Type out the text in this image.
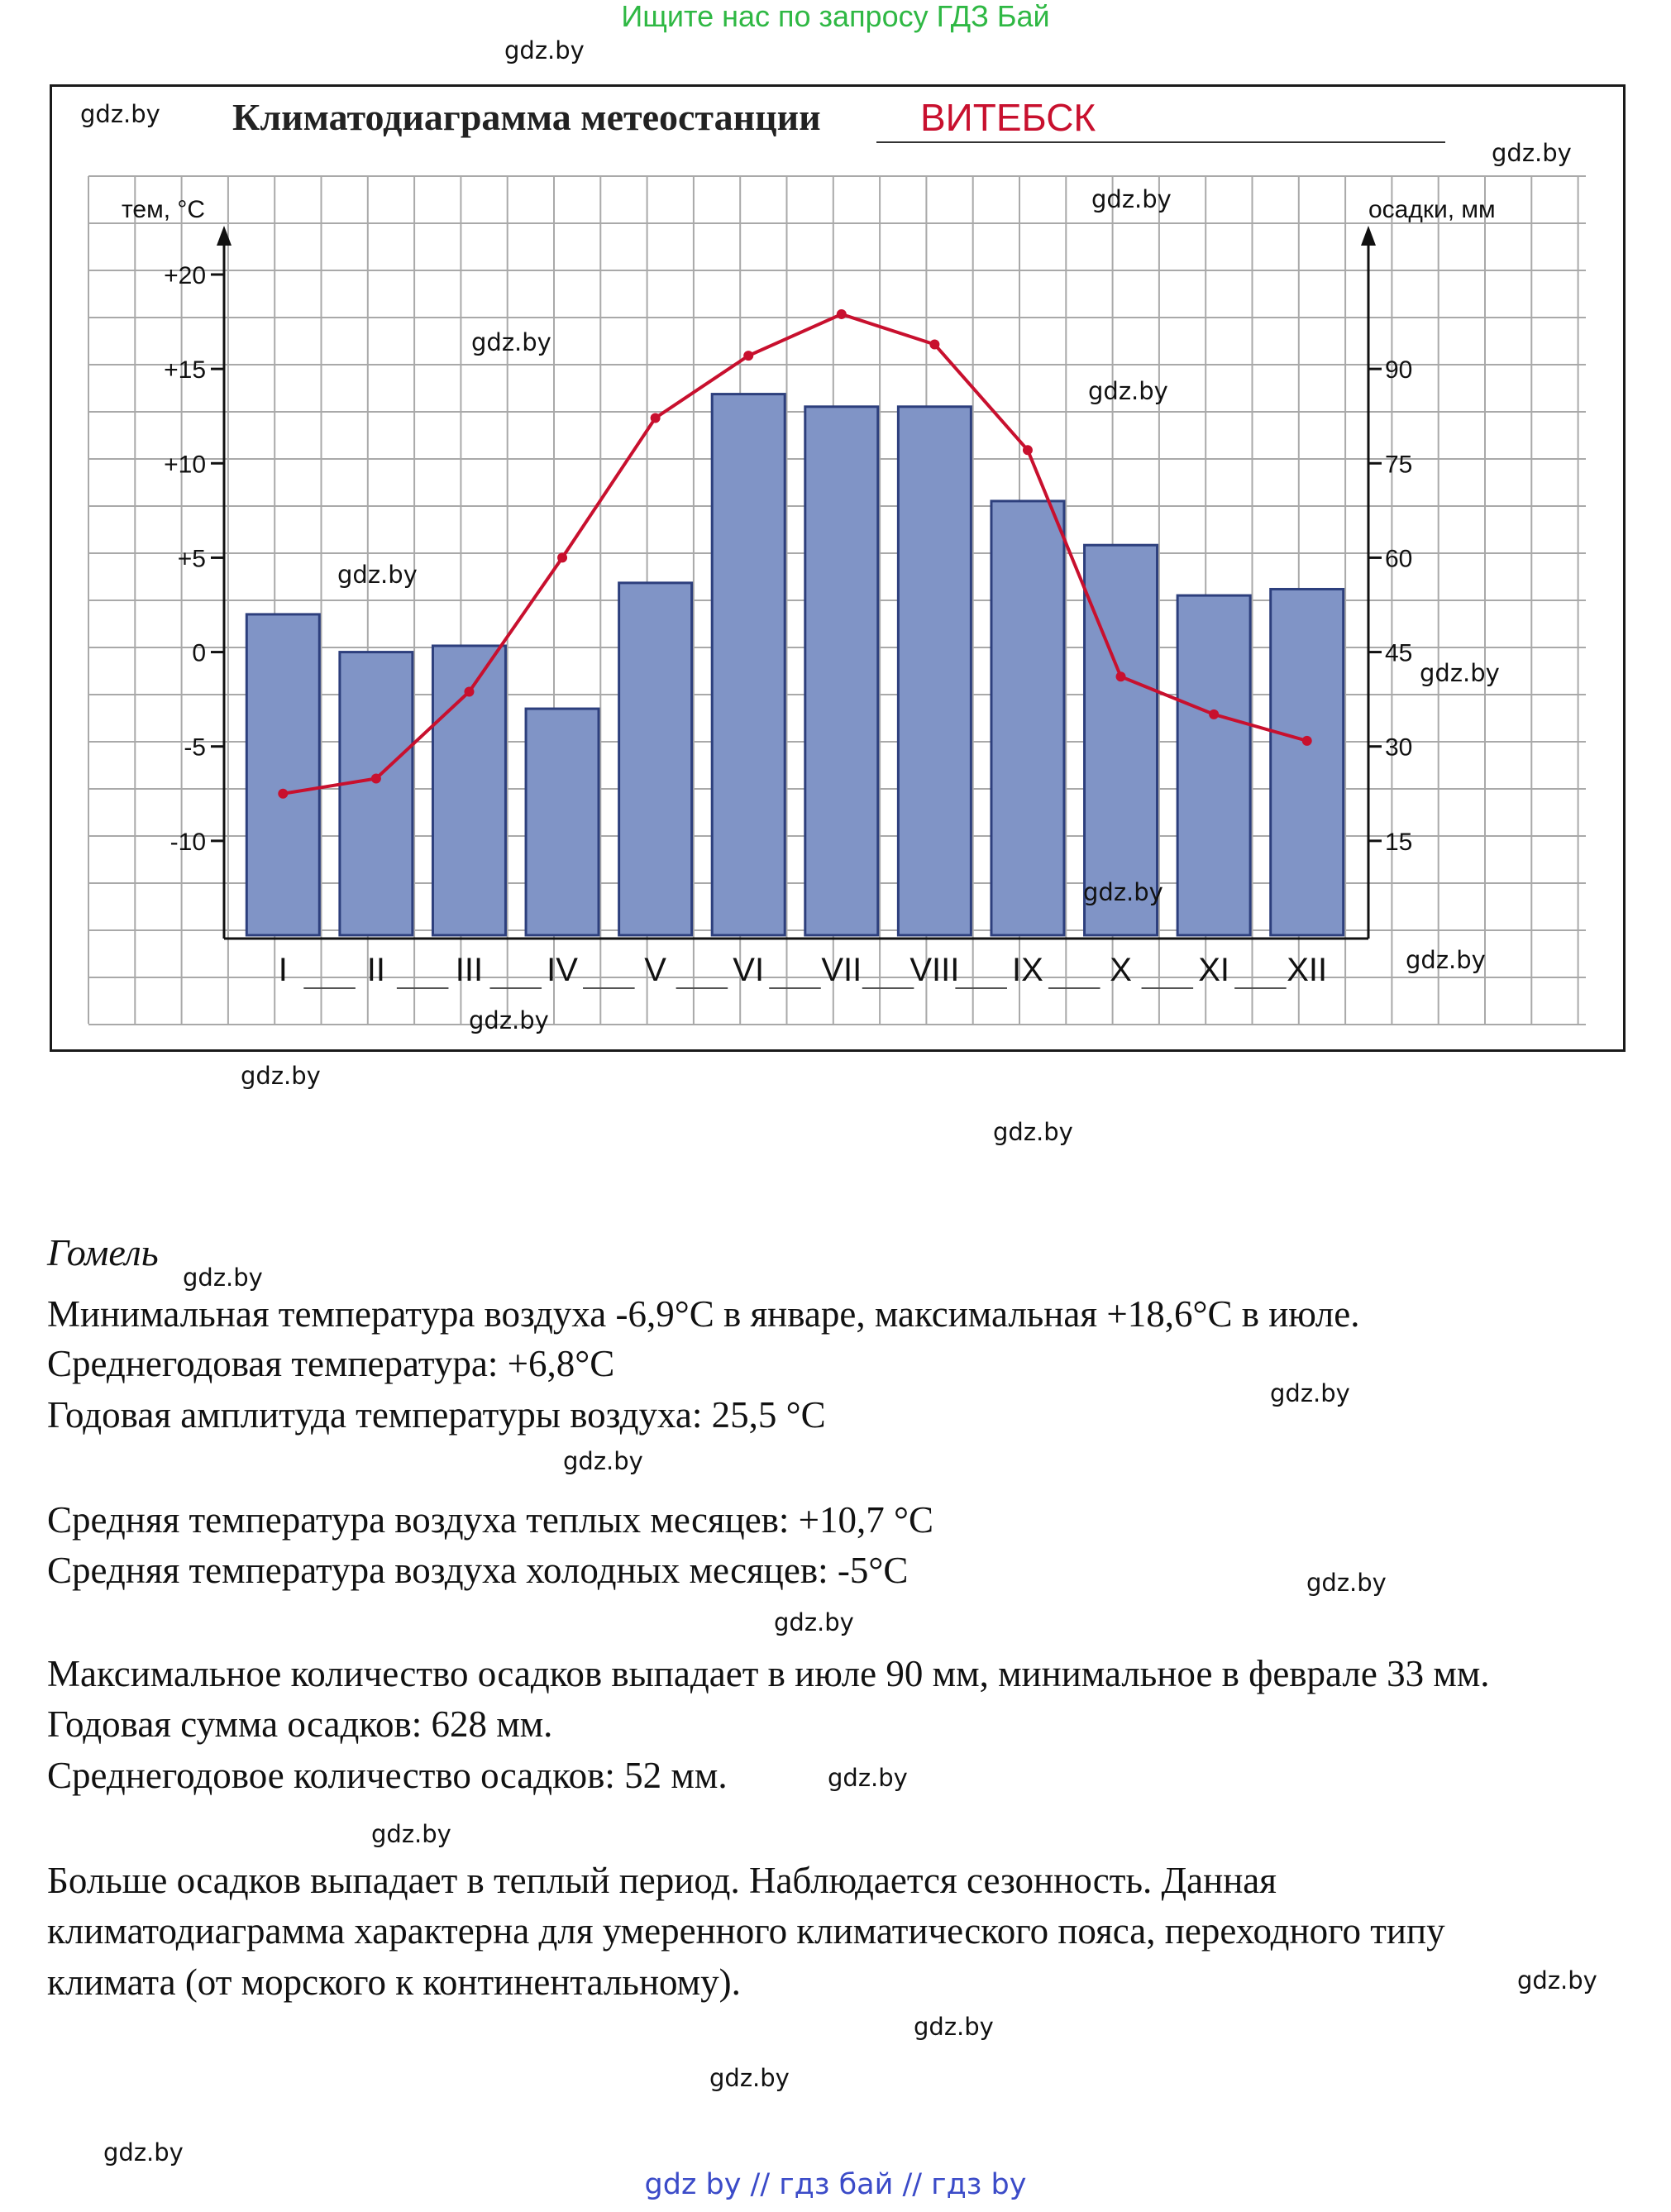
Ищите нас по запросу ГДЗ Бай
Климатодиаграмма метеостанции	ВИТЕБСК
тем, °С	осадки, мм
+20
+15
+10
+5
0
-5
-10
90
75
60
45
30
15
I II III IV V VI VII VIII IX X XI XII
Гомель
Минимальная температура воздуха -6,9°С в январе, максимальная +18,6°С в июле.
Среднегодовая температура: +6,8°С
Годовая амплитуда температуры воздуха: 25,5 °С
Средняя температура воздуха теплых месяцев: +10,7 °С
Средняя температура воздуха холодных месяцев: -5°С
Максимальное количество осадков выпадает в июле 90 мм, минимальное в феврале 33 мм.
Годовая сумма осадков: 628 мм.
Среднегодовое количество осадков: 52 мм.
Больше осадков выпадает в теплый период. Наблюдается сезонность. Данная
климатодиаграмма характерна для умеренного климатического пояса, переходного типу
климата (от морского к континентальному).
gdz.by
gdz.by
gdz.by
gdz.by
gdz.by
gdz.by
gdz.by
gdz.by
gdz.by
gdz.by
gdz.by
gdz.by
gdz.by
gdz.by
gdz.by
gdz.by
gdz.by
gdz.by
gdz.by
gdz.by
gdz.by
gdz.by
gdz.by
gdz.by
gdz by // гдз бай // гдз by
